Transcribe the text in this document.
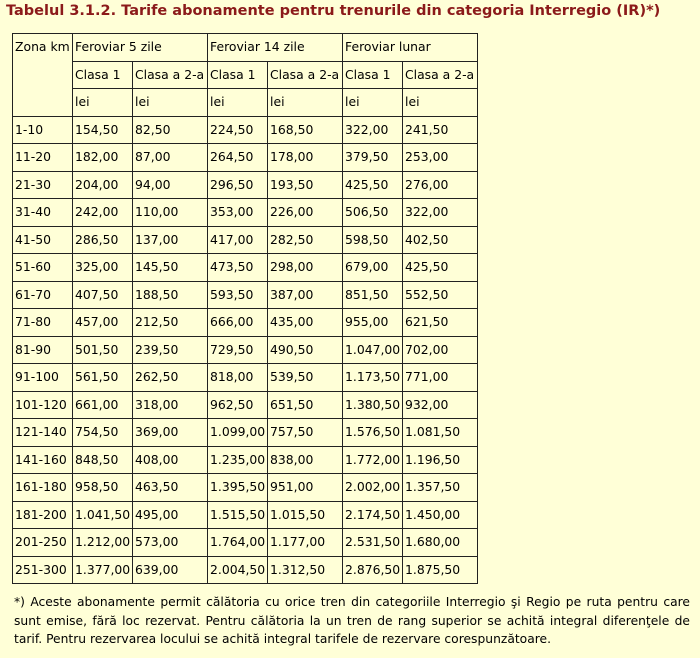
Tabelul 3.1.2. Tarife abonamente pentru trenurile din categoria Interregio (IR)*)
Zona km	Feroviar 5 zile		Feroviar 14 zile		Feroviar lunar	
	Clasa 1	Clasa a 2-a	Clasa 1	Clasa a 2-a	Clasa 1	Clasa a 2-a
	lei	lei	lei	lei	lei	lei
1-10	154,50	82,50	224,50	168,50	322,00	241,50
11-20	182,00	87,00	264,50	178,00	379,50	253,00
21-30	204,00	94,00	296,50	193,50	425,50	276,00
31-40	242,00	110,00	353,00	226,00	506,50	322,00
41-50	286,50	137,00	417,00	282,50	598,50	402,50
51-60	325,00	145,50	473,50	298,00	679,00	425,50
61-70	407,50	188,50	593,50	387,00	851,50	552,50
71-80	457,00	212,50	666,00	435,00	955,00	621,50
81-90	501,50	239,50	729,50	490,50	1.047,00	702,00
91-100	561,50	262,50	818,00	539,50	1.173,50	771,00
101-120	661,00	318,00	962,50	651,50	1.380,50	932,00
121-140	754,50	369,00	1.099,00	757,50	1.576,50	1.081,50
141-160	848,50	408,00	1.235,00	838,00	1.772,00	1.196,50
161-180	958,50	463,50	1.395,50	951,00	2.002,00	1.357,50
181-200	1.041,50	495,00	1.515,50	1.015,50	2.174,50	1.450,00
201-250	1.212,00	573,00	1.764,00	1.177,00	2.531,50	1.680,00
251-300	1.377,00	639,00	2.004,50	1.312,50	2.876,50	1.875,50
*) Aceste abonamente permit călătoria cu orice tren din categoriile Interregio şi Regio pe ruta pentru care sunt emise, fără loc rezervat. Pentru călătoria la un tren de rang superior se achită integral diferenţele de tarif. Pentru rezervarea locului se achită integral tarifele de rezervare corespunzătoare.
